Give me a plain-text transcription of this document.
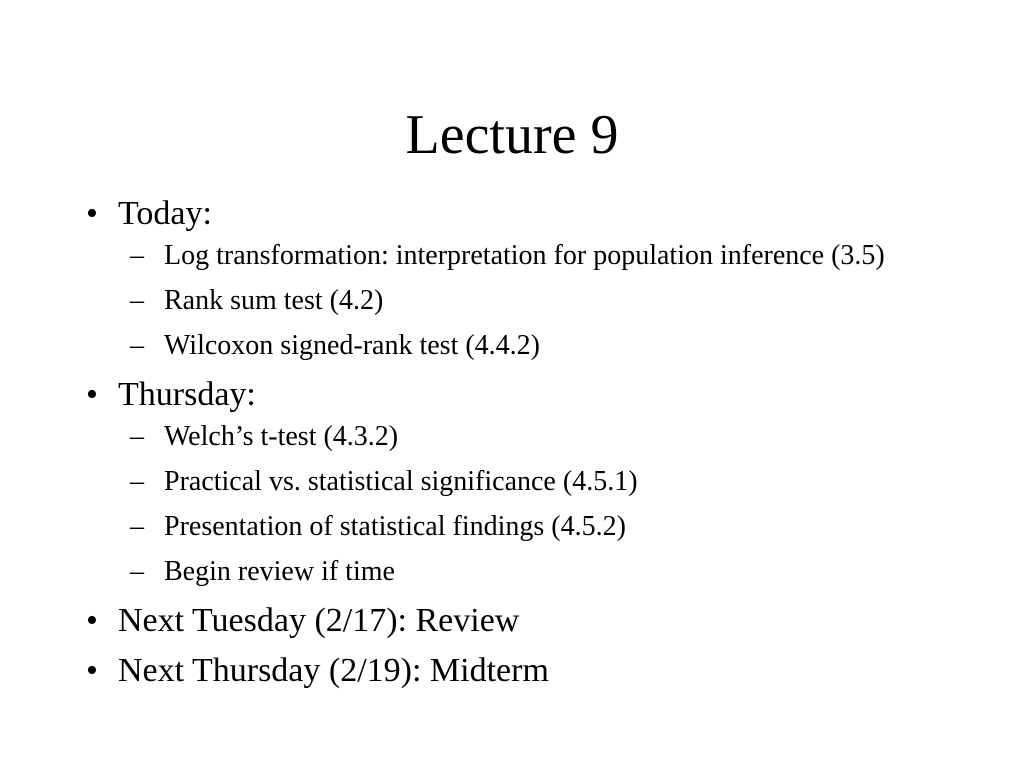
Lecture 9
• Today:
– Log transformation: interpretation for population inference (3.5)
– Rank sum test (4.2)
– Wilcoxon signed-rank test (4.4.2)
• Thursday:
– Welch’s t-test (4.3.2)
– Practical vs. statistical significance (4.5.1)
– Presentation of statistical findings (4.5.2)
– Begin review if time
• Next Tuesday (2/17): Review
• Next Thursday (2/19): Midterm
